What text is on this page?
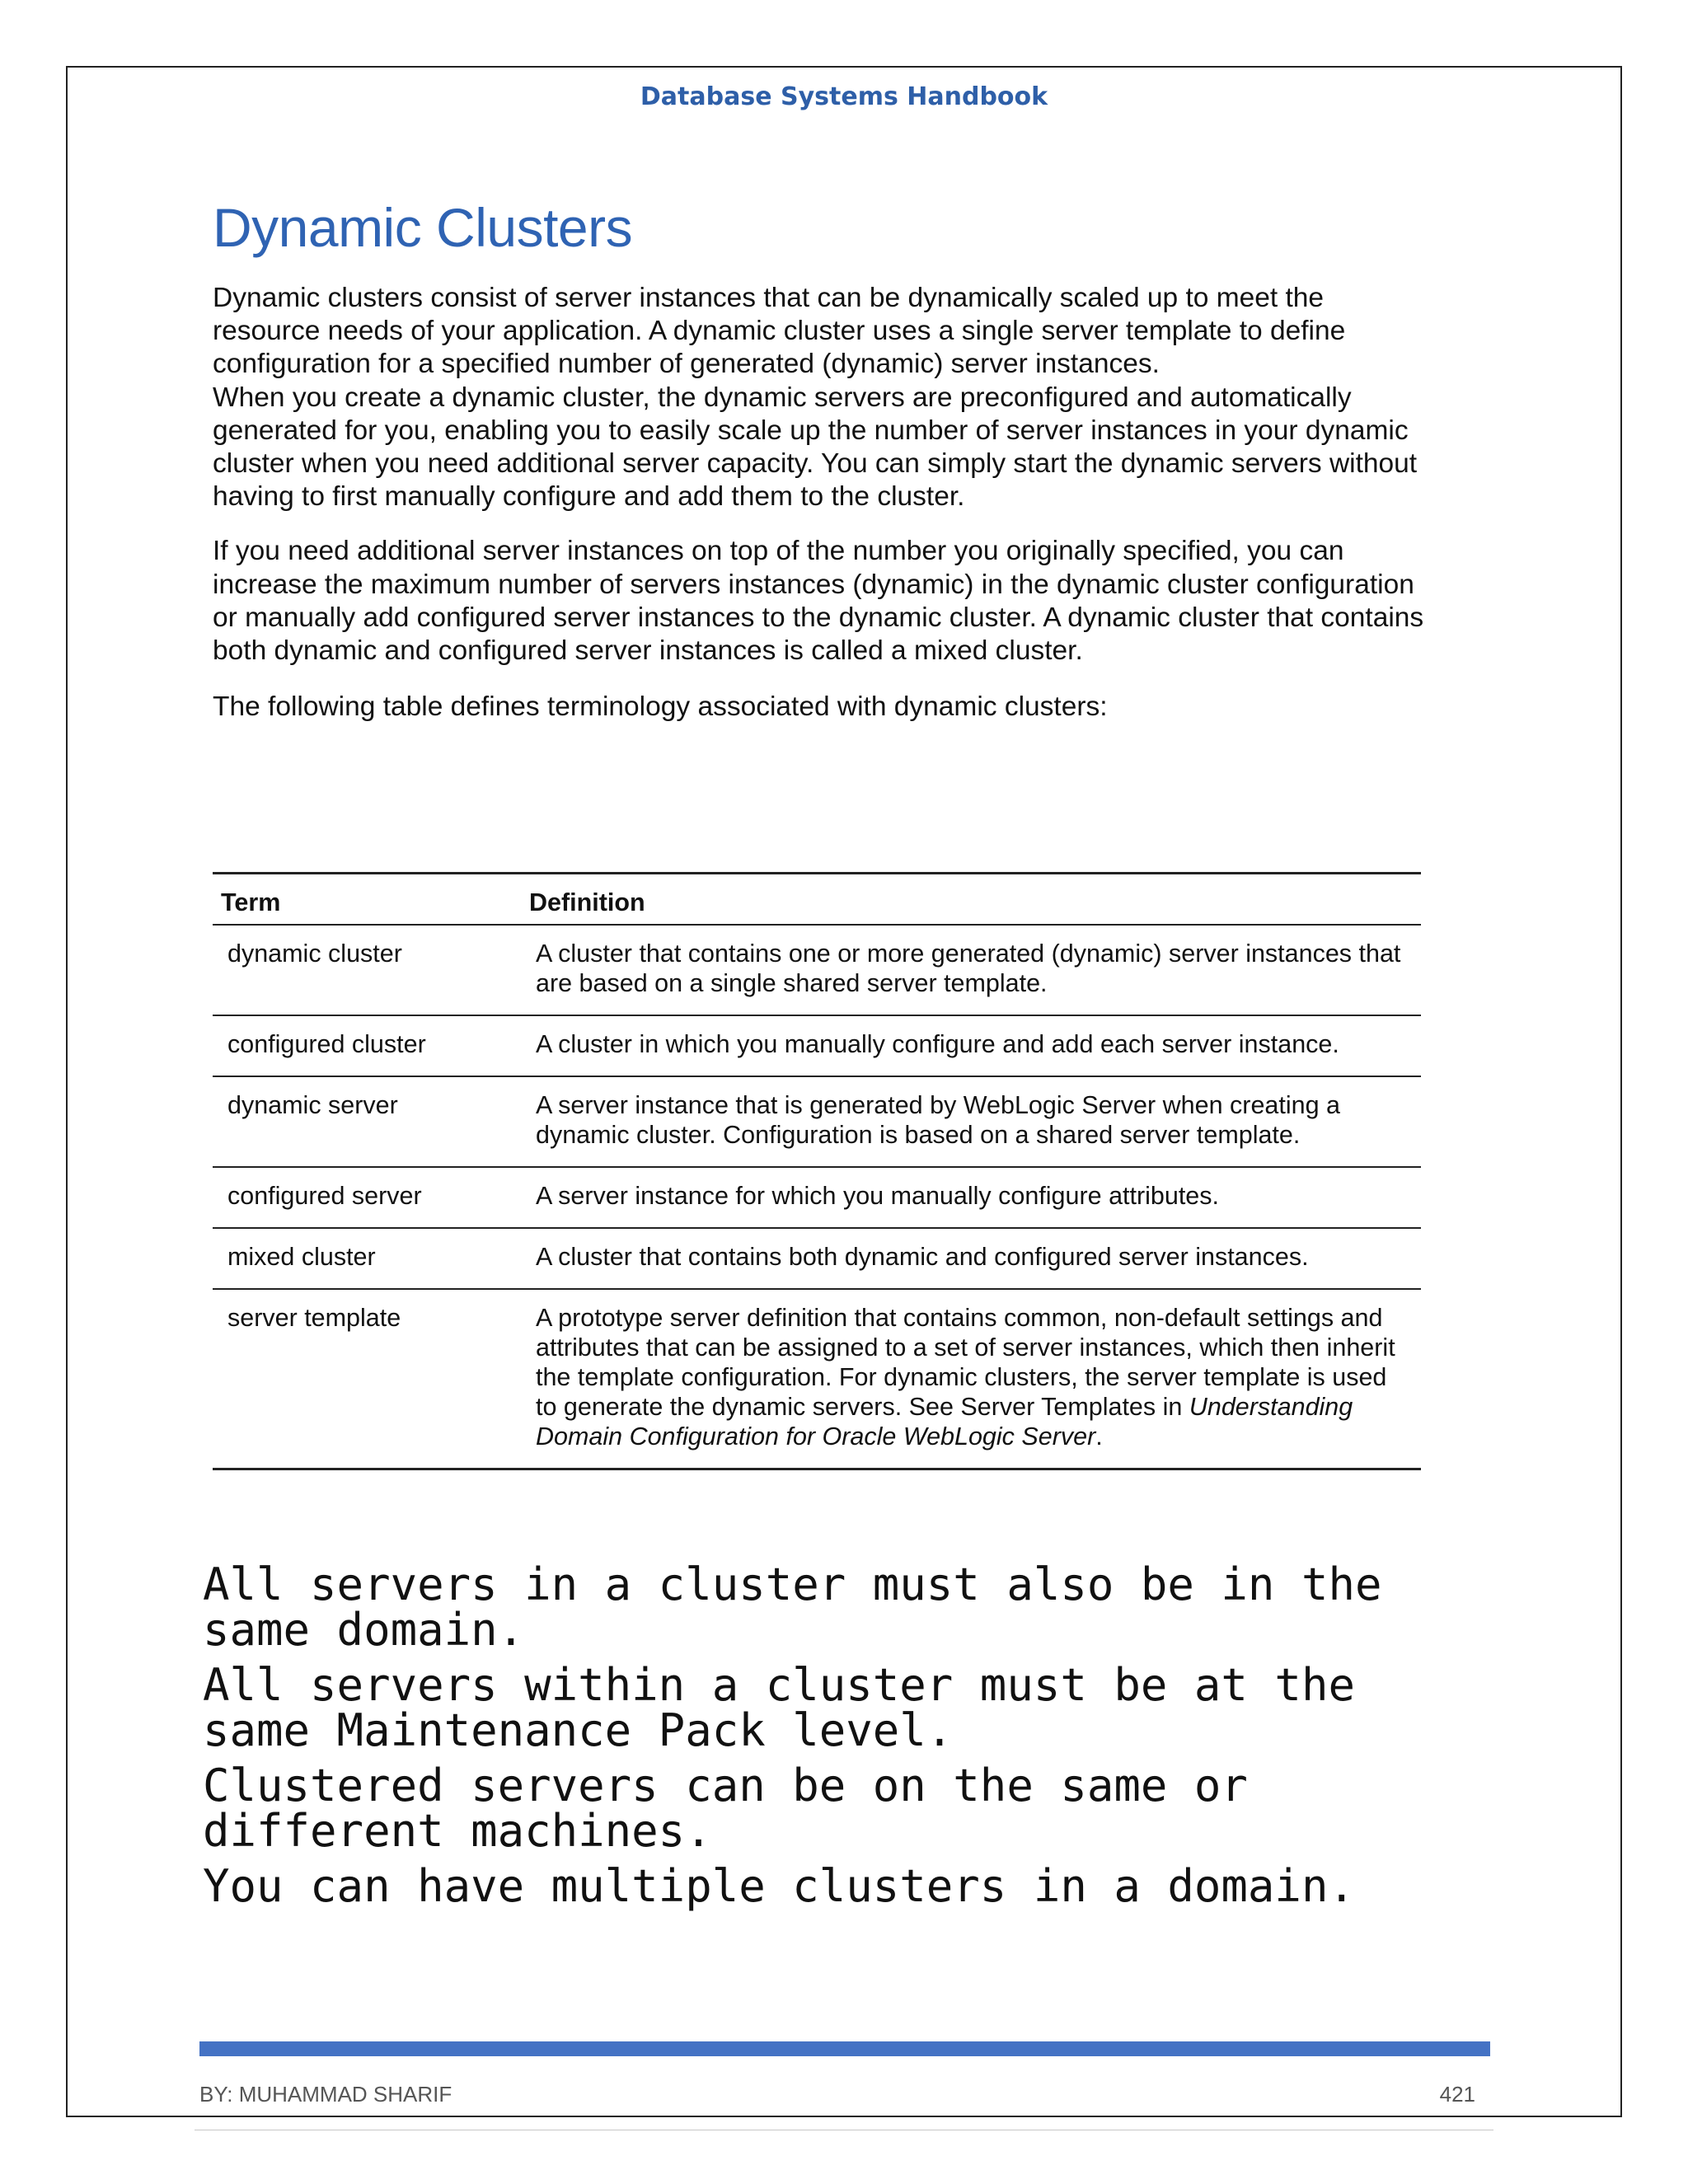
Database Systems Handbook
Dynamic Clusters

Dynamic clusters consist of server instances that can be dynamically scaled up to meet the resource needs of your application. A dynamic cluster uses a single server template to define configuration for a specified number of generated (dynamic) server instances.

When you create a dynamic cluster, the dynamic servers are preconfigured and automatically generated for you, enabling you to easily scale up the number of server instances in your dynamic cluster when you need additional server capacity. You can simply start the dynamic servers without having to first manually configure and add them to the cluster.

If you need additional server instances on top of the number you originally specified, you can increase the maximum number of servers instances (dynamic) in the dynamic cluster configuration or manually add configured server instances to the dynamic cluster. A dynamic cluster that contains both dynamic and configured server instances is called a mixed cluster.

The following table defines terminology associated with dynamic clusters:

Term	Definition
dynamic cluster	A cluster that contains one or more generated (dynamic) server instances that are based on a single shared server template.
configured cluster	A cluster in which you manually configure and add each server instance.
dynamic server	A server instance that is generated by WebLogic Server when creating a dynamic cluster. Configuration is based on a shared server template.
configured server	A server instance for which you manually configure attributes.
mixed cluster	A cluster that contains both dynamic and configured server instances.
server template	A prototype server definition that contains common, non-default settings and attributes that can be assigned to a set of server instances, which then inherit the template configuration. For dynamic clusters, the server template is used to generate the dynamic servers. See Server Templates in Understanding Domain Configuration for Oracle WebLogic Server.

All servers in a cluster must also be in the same domain.

All servers within a cluster must be at the same Maintenance Pack level.

Clustered servers can be on the same or different machines.

You can have multiple clusters in a domain.

BY: MUHAMMAD SHARIF	421
